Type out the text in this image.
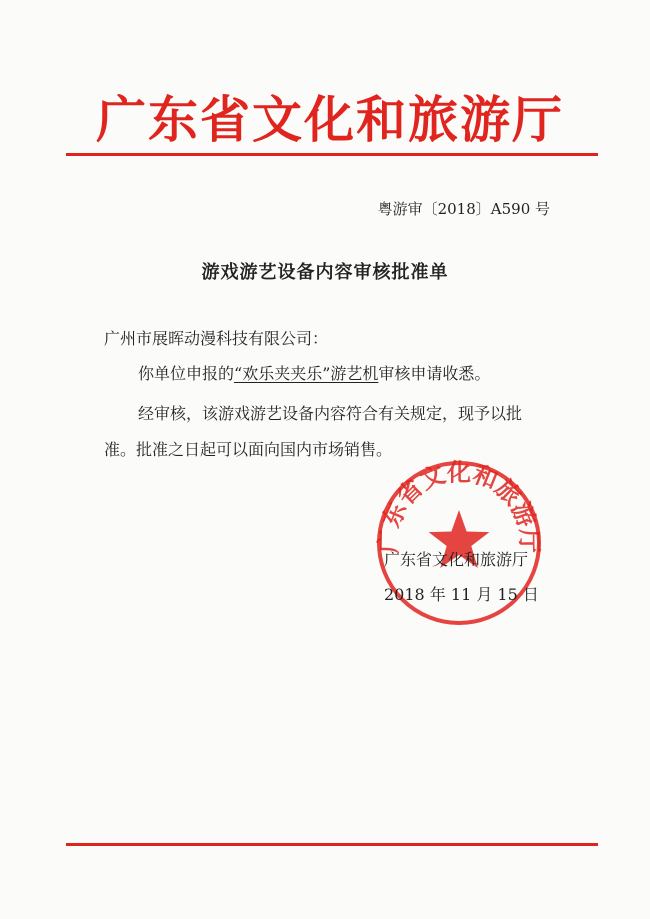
广东省文化和旅游厅
粤游审〔2018〕A590 号
游戏游艺设备内容审核批准单
广州市展晖动漫科技有限公司：
你单位申报的“欢乐夹夹乐”游艺机审核申请收悉。
经审核，该游戏游艺设备内容符合有关规定，现予以批
准。批准之日起可以面向国内市场销售。
广东省文化和旅游厅
广东省文化和旅游厅
2018 年 11 月 15 日
